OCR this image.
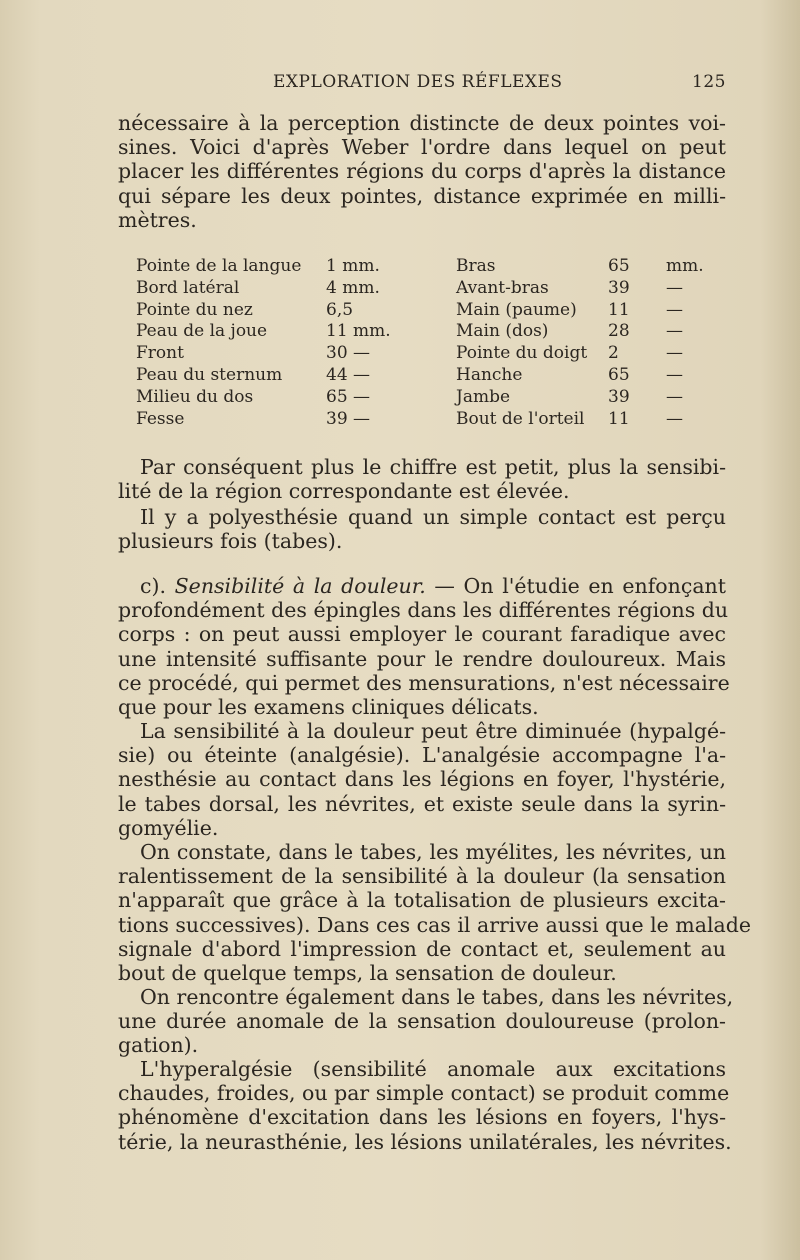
EXPLORATION DES RÉFLEXES	125
nécessaire à la perception distincte de deux pointes voi-
sines. Voici d'après Weber l'ordre dans lequel on peut
placer les différentes régions du corps d'après la distance
qui sépare les deux pointes, distance exprimée en milli-
mètres.
Pointe de la langue 1 mm.	Bras	65 mm.
Bord latéral	4 mm.	Avant-bras	39 —
Pointe du nez	6,5	Main (paume) 11 —
Peau de la joue	11 mm.	Main (dos)	28 —
Front	30 —	Pointe du doigt 2	—
Peau du sternum	44 —	Hanche	65 —
Milieu du dos	65 —	Jambe	39 —
Fesse	39 —	Bout de l'orteil 11 —
Par conséquent plus le chiffre est petit, plus la sensibi-
lité de la région correspondante est élevée.
Il y a polyesthésie quand un simple contact est perçu
plusieurs fois (tabes).
c). Sensibilité à la douleur. — On l'étudie en enfonçant
profondément des épingles dans les différentes régions du
corps : on peut aussi employer le courant faradique avec
une intensité suffisante pour le rendre douloureux. Mais
ce procédé, qui permet des mensurations, n'est nécessaire
que pour les examens cliniques délicats.
La sensibilité à la douleur peut être diminuée (hypalgé-
sie) ou éteinte (analgésie). L'analgésie accompagne l'a-
nesthésie au contact dans les légions en foyer, l'hystérie,
le tabes dorsal, les névrites, et existe seule dans la syrin-
gomyélie.
On constate, dans le tabes, les myélites, les névrites, un
ralentissement de la sensibilité à la douleur (la sensation
n'apparaît que grâce à la totalisation de plusieurs excita-
tions successives). Dans ces cas il arrive aussi que le malade
signale d'abord l'impression de contact et, seulement au
bout de quelque temps, la sensation de douleur.
On rencontre également dans le tabes, dans les névrites,
une durée anomale de la sensation douloureuse (prolon-
gation).
L'hyperalgésie (sensibilité anomale aux excitations
chaudes, froides, ou par simple contact) se produit comme
phénomène d'excitation dans les lésions en foyers, l'hys-
térie, la neurasthénie, les lésions unilatérales, les névrites.
